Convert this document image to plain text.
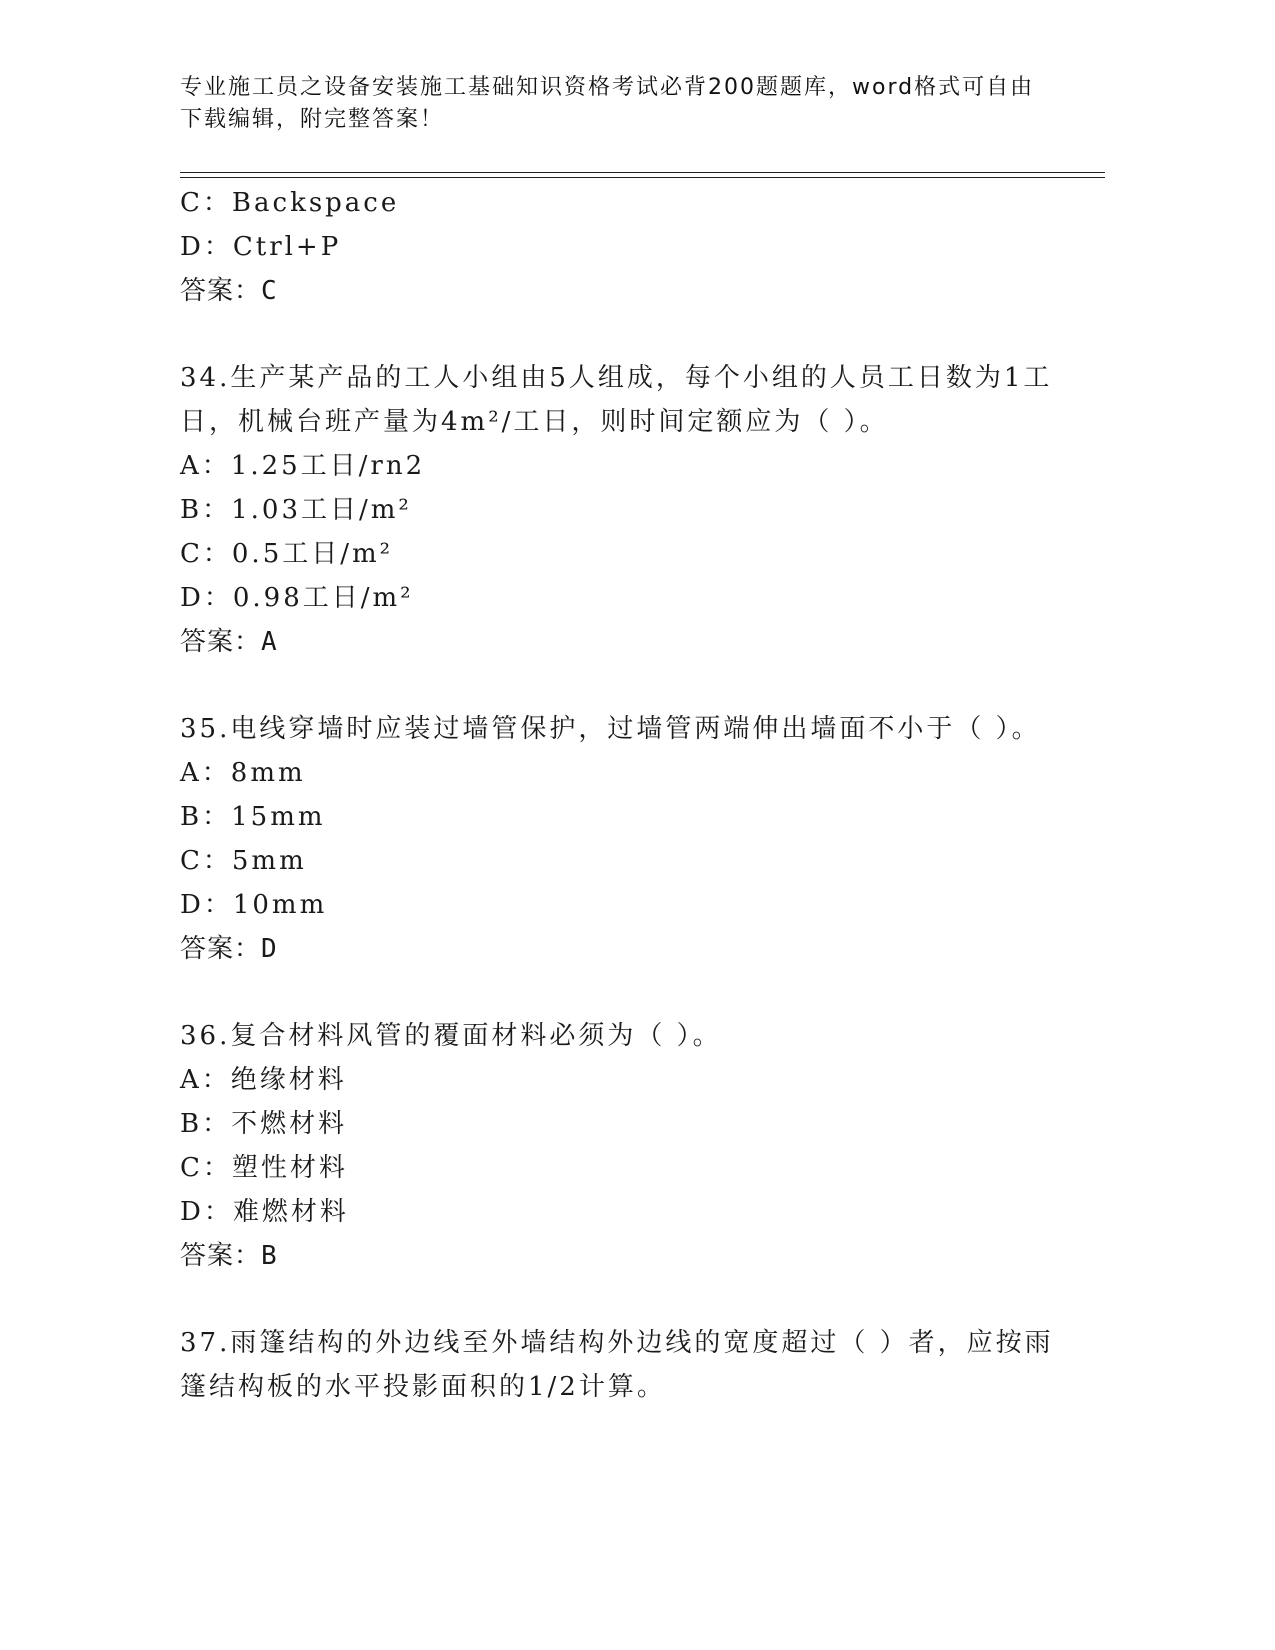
专业施工员之设备安装施工基础知识资格考试必背200题题库，word格式可自由
下载编辑，附完整答案！
C：Backspace
D：Ctrl+P
答案：C
34.生产某产品的工人小组由5人组成，每个小组的人员工日数为1工
日，机械台班产量为4m²/工日，则时间定额应为（ ）。
A：1.25工日/rn2
B：1.03工日/m²
C：0.5工日/m²
D：0.98工日/m²
答案：A
35.电线穿墙时应装过墙管保护，过墙管两端伸出墙面不小于（ ）。
A：8mm
B：15mm
C：5mm
D：10mm
答案：D
36.复合材料风管的覆面材料必须为（ ）。
A：绝缘材料
B：不燃材料
C：塑性材料
D：难燃材料
答案：B
37.雨篷结构的外边线至外墙结构外边线的宽度超过（ ）者，应按雨
篷结构板的水平投影面积的1/2计算。
